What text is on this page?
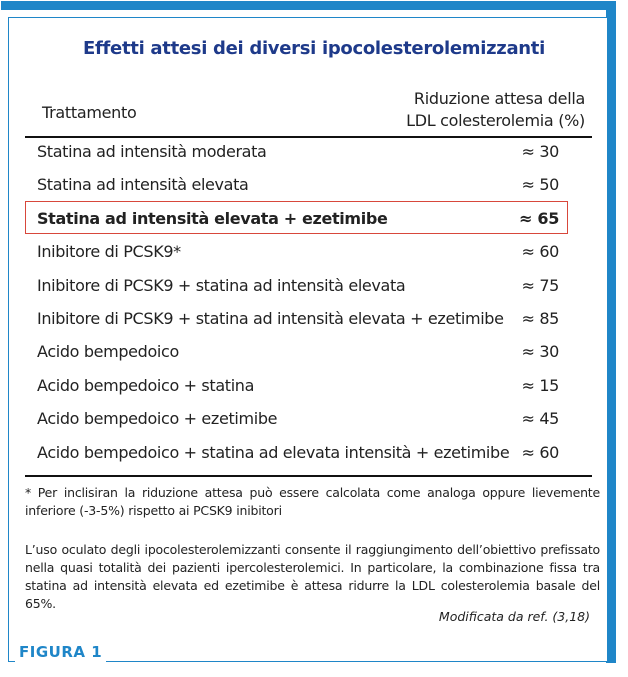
Effetti attesi dei diversi ipocolesterolemizzanti
Trattamento
Riduzione attesa della
LDL colesterolemia (%)
Statina ad intensità moderata	≈ 30
Statina ad intensità elevata	≈ 50
Statina ad intensità elevata + ezetimibe	≈ 65
Inibitore di PCSK9*	≈ 60
Inibitore di PCSK9 + statina ad intensità elevata	≈ 75
Inibitore di PCSK9 + statina ad intensità elevata + ezetimibe ≈ 85
Acido bempedoico	≈ 30
Acido bempedoico + statina	≈ 15
Acido bempedoico + ezetimibe	≈ 45
Acido bempedoico + statina ad elevata intensità + ezetimibe ≈ 60
* Per inclisiran la riduzione attesa può essere calcolata come analoga oppure lievemente inferiore (-3-5%) rispetto ai PCSK9 inibitori
L’uso oculato degli ipocolesterolemizzanti consente il raggiungimento dell’obiettivo prefissato nella quasi totalità dei pazienti ipercolesterolemici. In particolare, la combinazione fissa tra statina ad intensità elevata ed ezetimibe è attesa ridurre la LDL colesterolemia basale del 65%.
Modificata da ref. (3,18)
FIGURA 1
